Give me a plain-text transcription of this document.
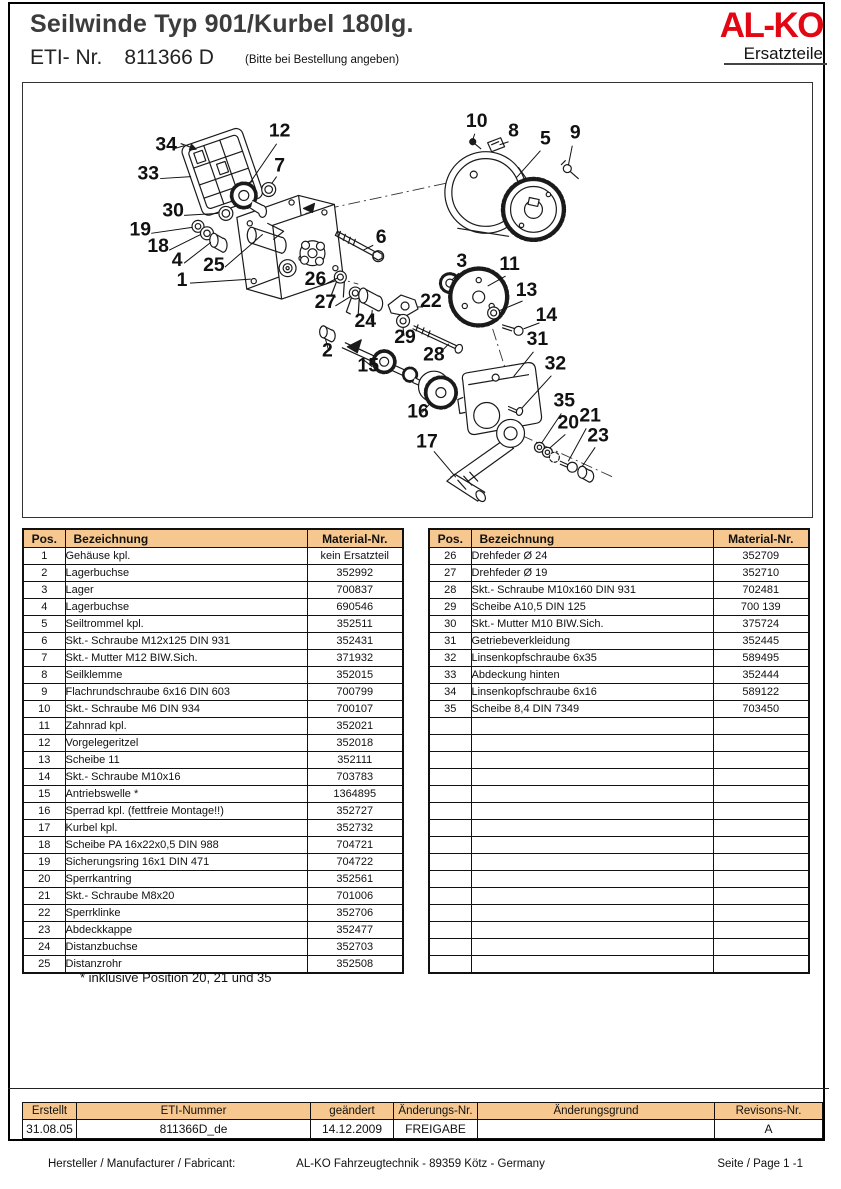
Seilwinde Typ 901/Kurbel 180lg.
ETI- Nr. 811366 D	(Bitte bei Bestellung angeben)
AL-KO
Ersatzteile
34
33
12
7
30
19
18
4 25
1
6
10 8 5 9
3 11
13
14
26
27
24
22
29
2
15 28
31
32
16
17
35
20 21
23
Pos.	Bezeichnung	Material-Nr.
1	Gehäuse kpl.	kein Ersatzteil
2	Lagerbuchse	352992
3	Lager	700837
4	Lagerbuchse	690546
5	Seiltrommel kpl.	352511
6	Skt.- Schraube M12x125 DIN 931	352431
7	Skt.- Mutter M12 BIW.Sich.	371932
8	Seilklemme	352015
9	Flachrundschraube 6x16 DIN 603	700799
10	Skt.- Schraube M6 DIN 934	700107
11	Zahnrad kpl.	352021
12	Vorgelegeritzel	352018
13	Scheibe 11	352111
14	Skt.- Schraube M10x16	703783
15	Antriebswelle *	1364895
16	Sperrad kpl. (fettfreie Montage!!)	352727
17	Kurbel kpl.	352732
18	Scheibe PA 16x22x0,5 DIN 988	704721
19	Sicherungsring 16x1 DIN 471	704722
20	Sperrkantring	352561
21	Skt.- Schraube M8x20	701006
22	Sperrklinke	352706
23	Abdeckkappe	352477
24	Distanzbuchse	352703
25	Distanzrohr	352508
Pos.	Bezeichnung	Material-Nr.
26	Drehfeder Ø 24	352709
27	Drehfeder Ø 19	352710
28	Skt.- Schraube M10x160 DIN 931	702481
29	Scheibe A10,5 DIN 125	700 139
30	Skt.- Mutter M10 BIW.Sich.	375724
31	Getriebeverkleidung	352445
32	Linsenkopfschraube 6x35	589495
33	Abdeckung hinten	352444
34	Linsenkopfschraube 6x16	589122
35	Scheibe 8,4 DIN 7349	703450

* inklusive Position 20, 21 und 35
Erstellt	ETI-Nummer	geändert	Änderungs-Nr.	Änderungsgrund	Revisons-Nr.
31.08.05	811366D_de	14.12.2009	FREIGABE		A
Hersteller / Manufacturer / Fabricant:	AL-KO Fahrzeugtechnik - 89359 Kötz - Germany	Seite / Page 1 -1
